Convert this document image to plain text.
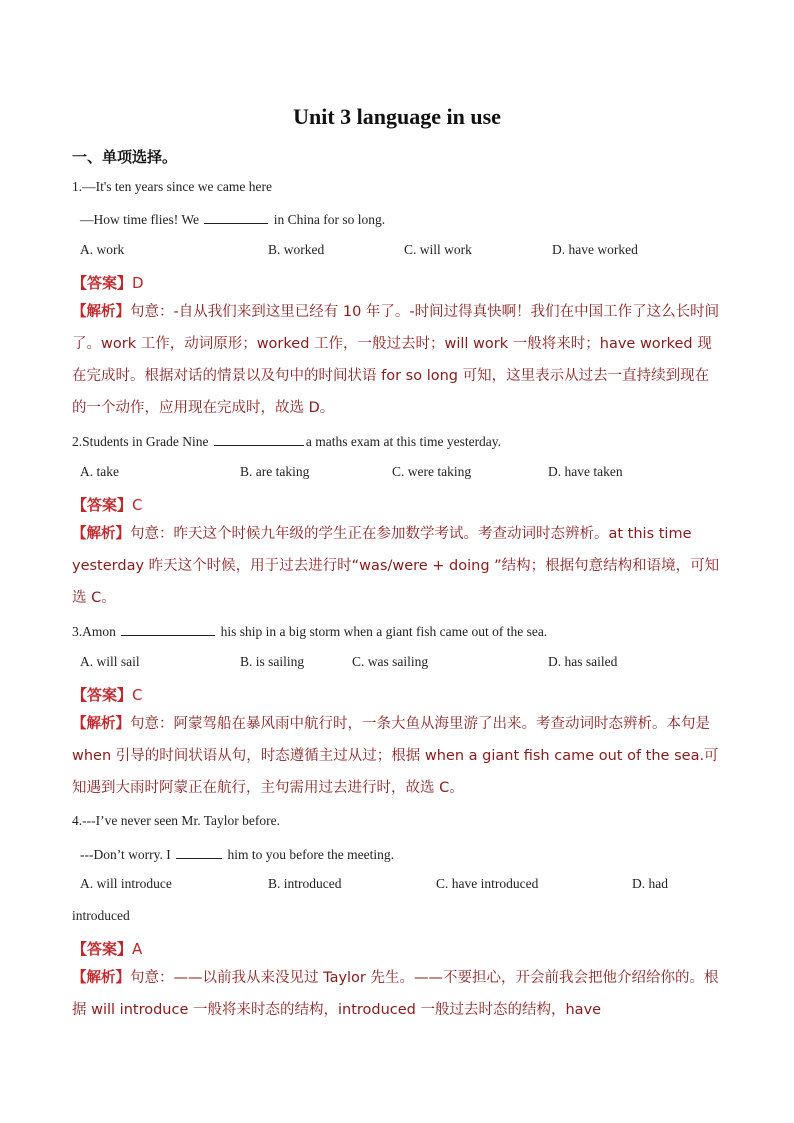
Unit 3 language in use
一、单项选择。
1.—It's ten years since we came here
—How time flies! We	in China for so long.
A. work	B. worked	C. will work	D. have worked
【答案】D
【解析】句意：-自从我们来到这里已经有 10 年了。-时间过得真快啊！我们在中国工作了这么长时间了。work 工作，动词原形；worked 工作，一般过去时；will work 一般将来时；have worked 现在完成时。根据对话的情景以及句中的时间状语 for so long 可知，这里表示从过去一直持续到现在的一个动作，应用现在完成时，故选 D。
2.Students in Grade Nine	a maths exam at this time yesterday.
A. take	B. are taking	C. were taking	D. have taken
【答案】C
【解析】句意：昨天这个时候九年级的学生正在参加数学考试。考查动词时态辨析。at this time yesterday 昨天这个时候，用于过去进行时“was/were + doing ”结构；根据句意结构和语境，可知选 C。
3.Amon	his ship in a big storm when a giant fish came out of the sea.
A. will sail	B. is sailing	C. was sailing	D. has sailed
【答案】C
【解析】句意：阿蒙驾船在暴风雨中航行时，一条大鱼从海里游了出来。考查动词时态辨析。本句是 when 引导的时间状语从句，时态遵循主过从过；根据 when a giant fish came out of the sea.可知遇到大雨时阿蒙正在航行，主句需用过去进行时，故选 C。
4.---I’ve never seen Mr. Taylor before.
---Don’t worry. I	him to you before the meeting.
A. will introduce	B. introduced	C. have introduced	D. had
introduced
【答案】A
【解析】句意：——以前我从来没见过 Taylor 先生。——不要担心，开会前我会把他介绍给你的。根据 will introduce 一般将来时态的结构，introduced 一般过去时态的结构，have
